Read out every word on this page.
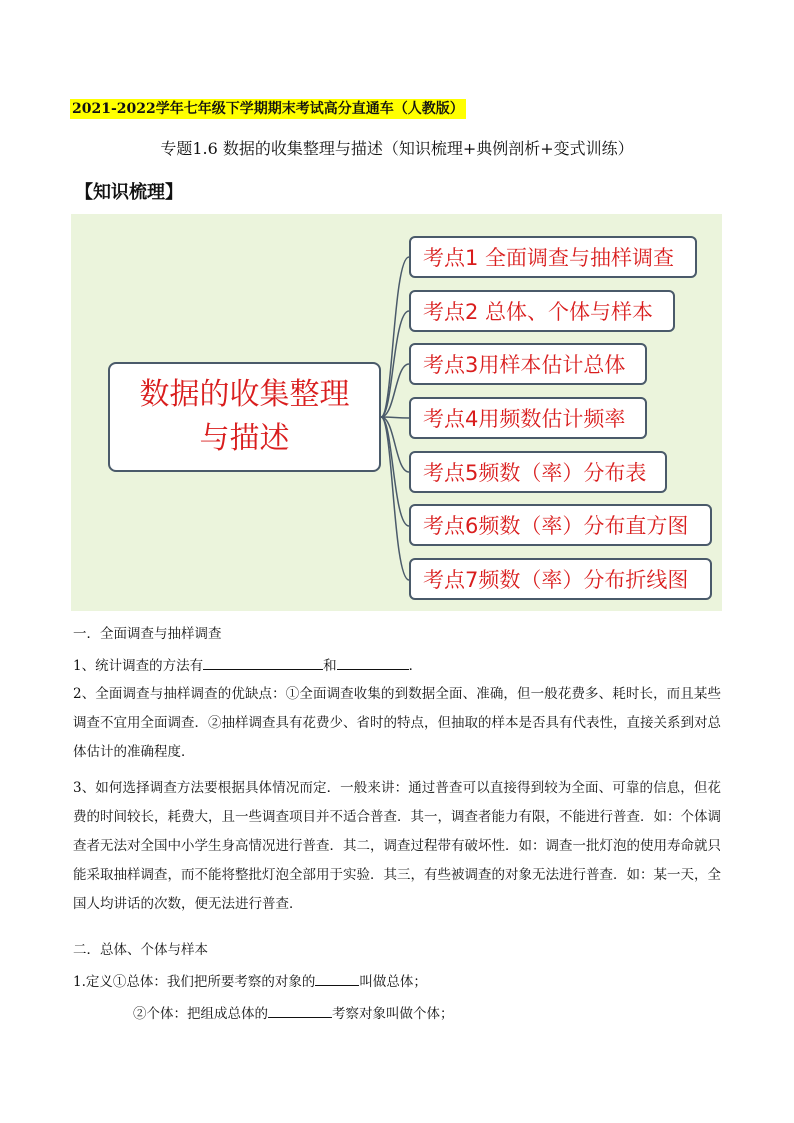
2021-2022学年七年级下学期期末考试高分直通车（人教版）
专题1.6 数据的收集整理与描述（知识梳理+典例剖析+变式训练）
【知识梳理】
数据的收集整理与描述
考点1 全面调查与抽样调查
考点2 总体、个体与样本
考点3用样本估计总体
考点4用频数估计频率
考点5频数（率）分布表
考点6频数（率）分布直方图
考点7频数（率）分布折线图
一．全面调查与抽样调查
1、统计调查的方法有	和	．
2、全面调查与抽样调查的优缺点：①全面调查收集的到数据全面、准确，但一般花费多、耗时长，而且某些调查不宜用全面调查．②抽样调查具有花费少、省时的特点，但抽取的样本是否具有代表性，直接关系到对总体估计的准确程度．
3、如何选择调查方法要根据具体情况而定．一般来讲：通过普查可以直接得到较为全面、可靠的信息，但花费的时间较长，耗费大，且一些调查项目并不适合普查．其一，调查者能力有限，不能进行普查．如：个体调查者无法对全国中小学生身高情况进行普查．其二，调查过程带有破坏性．如：调查一批灯泡的使用寿命就只能采取抽样调查，而不能将整批灯泡全部用于实验．其三，有些被调查的对象无法进行普查．如：某一天，全国人均讲话的次数，便无法进行普查．
二．总体、个体与样本
1.定义①总体：我们把所要考察的对象的	叫做总体；
②个体：把组成总体的	考察对象叫做个体；
